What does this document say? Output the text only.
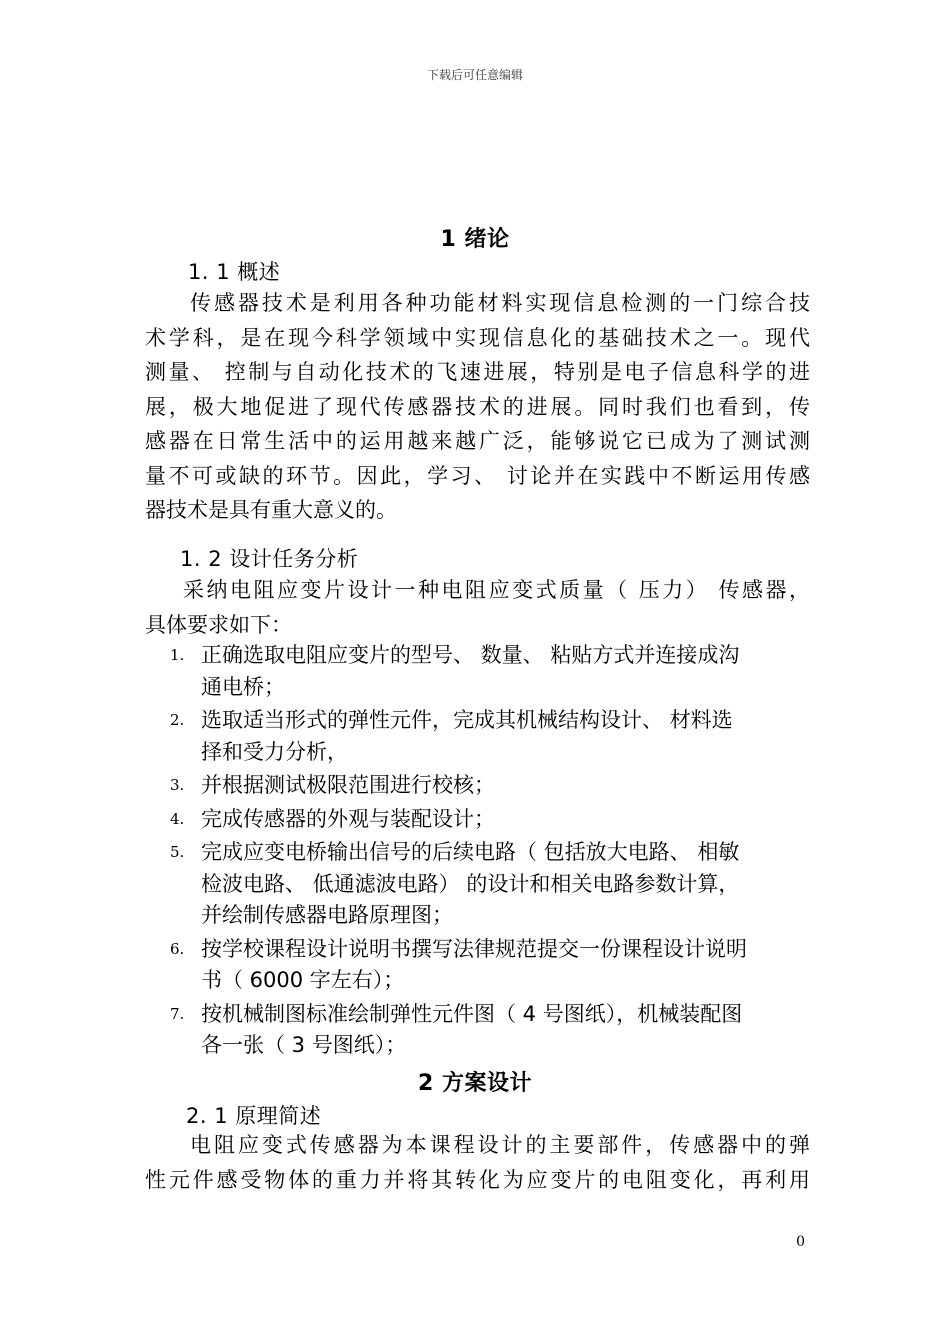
下载后可任意编辑
1 绪论
1. 1 概述
传感器技术是利用各种功能材料实现信息检测的一门综合技
术学科，是在现今科学领域中实现信息化的基础技术之一。现代
测量、 控制与自动化技术的飞速进展，特别是电子信息科学的进
展，极大地促进了现代传感器技术的进展。同时我们也看到，传
感器在日常生活中的运用越来越广泛，能够说它已成为了测试测
量不可或缺的环节。因此，学习、 讨论并在实践中不断运用传感
器技术是具有重大意义的。
1. 2 设计任务分析
采纳电阻应变片设计一种电阻应变式质量（ 压力） 传感器，
具体要求如下：
1. 正确选取电阻应变片的型号、 数量、 粘贴方式并连接成沟
通电桥；
2. 选取适当形式的弹性元件，完成其机械结构设计、 材料选
择和受力分析，
3. 并根据测试极限范围进行校核；
4. 完成传感器的外观与装配设计；
5. 完成应变电桥输出信号的后续电路（ 包括放大电路、 相敏
检波电路、 低通滤波电路） 的设计和相关电路参数计算，
并绘制传感器电路原理图；
6. 按学校课程设计说明书撰写法律规范提交一份课程设计说明
书（ 6000 字左右）；
7. 按机械制图标准绘制弹性元件图（ 4 号图纸），机械装配图
各一张（ 3 号图纸）；
2 方案设计
2. 1 原理简述
电阻应变式传感器为本课程设计的主要部件，传感器中的弹
性元件感受物体的重力并将其转化为应变片的电阻变化，再利用
0
